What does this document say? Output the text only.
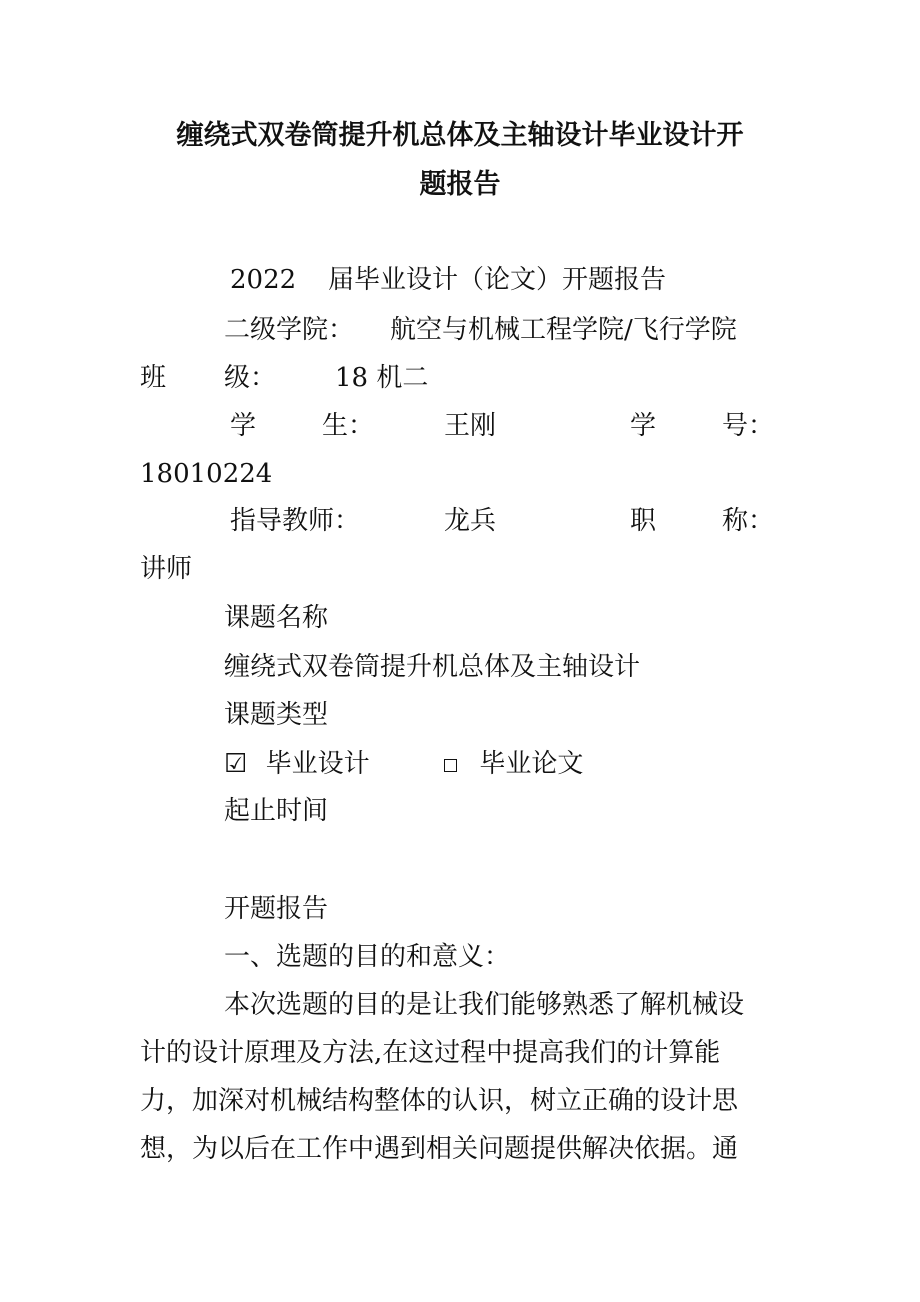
缠绕式双卷筒提升机总体及主轴设计毕业设计开
题报告
2022 届毕业设计（论文）开题报告
二级学院： 航空与机械工程学院/飞行学院
班 级： 18 机二
学	生：	王刚	学	号：
18010224
指导教师：	龙兵	职	称：
讲师
课题名称
缠绕式双卷筒提升机总体及主轴设计
课题类型
☑ 毕业设计	毕业论文
起止时间
开题报告
一、选题的目的和意义：
本次选题的目的是让我们能够熟悉了解机械设
计的设计原理及方法,在这过程中提高我们的计算能
力，加深对机械结构整体的认识，树立正确的设计思
想，为以后在工作中遇到相关问题提供解决依据。通
